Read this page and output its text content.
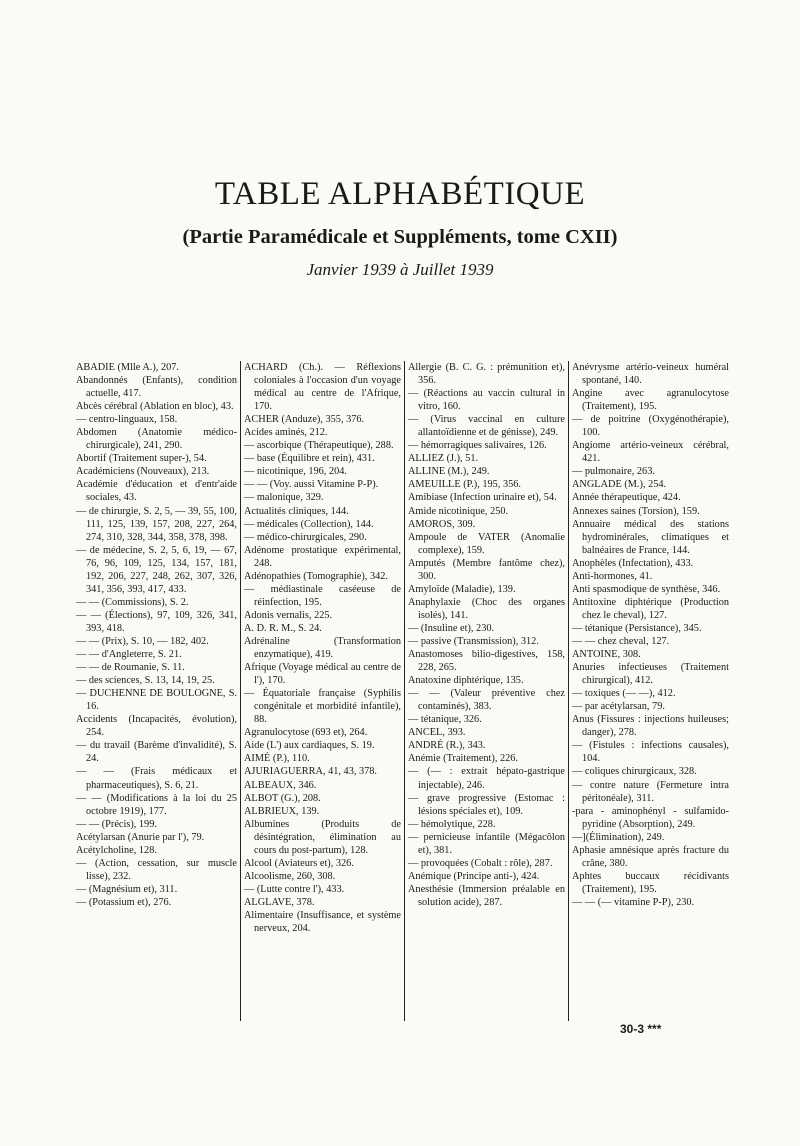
TABLE ALPHABÉTIQUE
(Partie Paramédicale et Suppléments, tome CXII)

Janvier 1939 à Juillet 1939

ABADIE (Mlle A.), 207.

Abandonnés (Enfants), condition actuelle, 417.

Abcès cérébral (Ablation en bloc), 43.

— centro-linguaux, 158.

Abdomen (Anatomie médico-chirurgicale), 241, 290.

Abortif (Traitement super-), 54.

Académiciens (Nouveaux), 213.

Académie d'éducation et d'entr'aide sociales, 43.

— de chirurgie, S. 2, 5, — 39, 55, 100, 111, 125, 139, 157, 208, 227, 264, 274, 310, 328, 344, 358, 378, 398.

— de médecine, S. 2, 5, 6, 19, — 67, 76, 96, 109, 125, 134, 157, 181, 192, 206, 227, 248, 262, 307, 326, 341, 356, 393, 417, 433.

— — (Commissions), S. 2.

— — (Élections), 97, 109, 326, 341, 393, 418.

— — (Prix), S. 10, — 182, 402.

— — d'Angleterre, S. 21.

— — de Roumanie, S. 11.

— des sciences, S. 13, 14, 19, 25.

— DUCHENNE DE BOULOGNE, S. 16.

Accidents (Incapacités, évolution), 254.

— du travail (Barème d'invalidité), S. 24.

— — (Frais médicaux et pharmaceutiques), S. 6, 21.

— — (Modifications à la loi du 25 octobre 1919), 177.

— — (Précis), 199.

Acétylarsan (Anurie par l'), 79.

Acétylcholine, 128.

— (Action, cessation, sur muscle lisse), 232.

— (Magnésium et), 311.

— (Potassium et), 276.

ACHARD (Ch.). — Réflexions coloniales à l'occasion d'un voyage médical au centre de l'Afrique, 170.

ACHER (Anduze), 355, 376.

Acides aminés, 212.

— ascorbique (Thérapeutique), 288.

— base (Équilibre et rein), 431.

— nicotinique, 196, 204.

— — (Voy. aussi Vitamine P-P).

— malonique, 329.

Actualités cliniques, 144.

— médicales (Collection), 144.

— médico-chirurgicales, 290.

Adénome prostatique expérimental, 248.

Adénopathies (Tomographie), 342.

— médiastinale caséeuse de réinfection, 195.

Adonis vernalis, 225.

A. D. R. M., S. 24.

Adrénaline (Transformation enzymatique), 419.

Afrique (Voyage médical au centre de l'), 170.

— Équatoriale française (Syphilis congénitale et morbidité infantile), 88.

Agranulocytose (693 et), 264.

Aide (L') aux cardiaques, S. 19.

AIMÉ (P.), 110.

AJURIAGUERRA, 41, 43, 378.

ALBEAUX, 346.

ALBOT (G.), 208.

ALBRIEUX, 139.

Albumines (Produits de désintégration, élimination au cours du post-partum), 128.

Alcool (Aviateurs et), 326.

Alcoolisme, 260, 308.

— (Lutte contre l'), 433.

ALGLAVE, 378.

Alimentaire (Insuffisance, et système nerveux, 204.

Allergie (B. C. G. : prémunition et), 356.

— (Réactions au vaccin cultural in vitro, 160.

— (Virus vaccinal en culture allantoïdienne et de génisse), 249.

— hémorragiques salivaires, 126.

ALLIEZ (J.), 51.

ALLINE (M.), 249.

AMEUILLE (P.), 195, 356.

Amibiase (Infection urinaire et), 54.

Amide nicotinique, 250.

AMOROS, 309.

Ampoule de VATER (Anomalie complexe), 159.

Amputés (Membre fantôme chez), 300.

Amyloïde (Maladie), 139.

Anaphylaxie (Choc des organes isolés), 141.

— (Insuline et), 230.

— passive (Transmission), 312.

Anastomoses bilio-digestives, 158, 228, 265.

Anatoxine diphtérique, 135.

— — (Valeur préventive chez contaminés), 383.

— tétanique, 326.

ANCEL, 393.

ANDRÉ (R.), 343.

Anémie (Traitement), 226.

— (— : extrait hépato-gastrique injectable), 246.

— grave progressive (Estomac : lésions spéciales et), 109.

— hémolytique, 228.

— pernicieuse infantile (Mégacôlon et), 381.

— provoquées (Cobalt : rôle), 287.

Anémique (Principe anti-), 424.

Anesthésie (Immersion préalable en solution acide), 287.

Anévrysme artério-veineux huméral spontané, 140.

Angine avec agranulocytose (Traitement), 195.

— de poitrine (Oxygénothérapie), 100.

Angiome artério-veineux cérébral, 421.

— pulmonaire, 263.

ANGLADE (M.), 254.

Année thérapeutique, 424.

Annexes saines (Torsion), 159.

Annuaire médical des stations hydrominérales, climatiques et balnéaires de France, 144.

Anophèles (Infectation), 433.

Anti-hormones, 41.

Anti spasmodique de synthèse, 346.

Antitoxine diphtérique (Production chez le cheval), 127.

— tétanique (Persistance), 345.

— — chez cheval, 127.

ANTOINE, 308.

Anuries infectieuses (Traitement chirurgical), 412.

— toxiques (— —), 412.

— par acétylarsan, 79.

Anus (Fissures : injections huileuses; danger), 278.

— (Fistules : infections causales), 104.

— coliques chirurgicaux, 328.

— contre nature (Fermeture intra péritonéale), 311.

-para - aminophényl - sulfamido-pyridine (Absorption), 249.

—](Élimination), 249.

Aphasie amnésique après fracture du crâne, 380.

Aphtes buccaux récidivants (Traitement), 195.

— — (— vitamine P-P), 230.

30-3 ***
